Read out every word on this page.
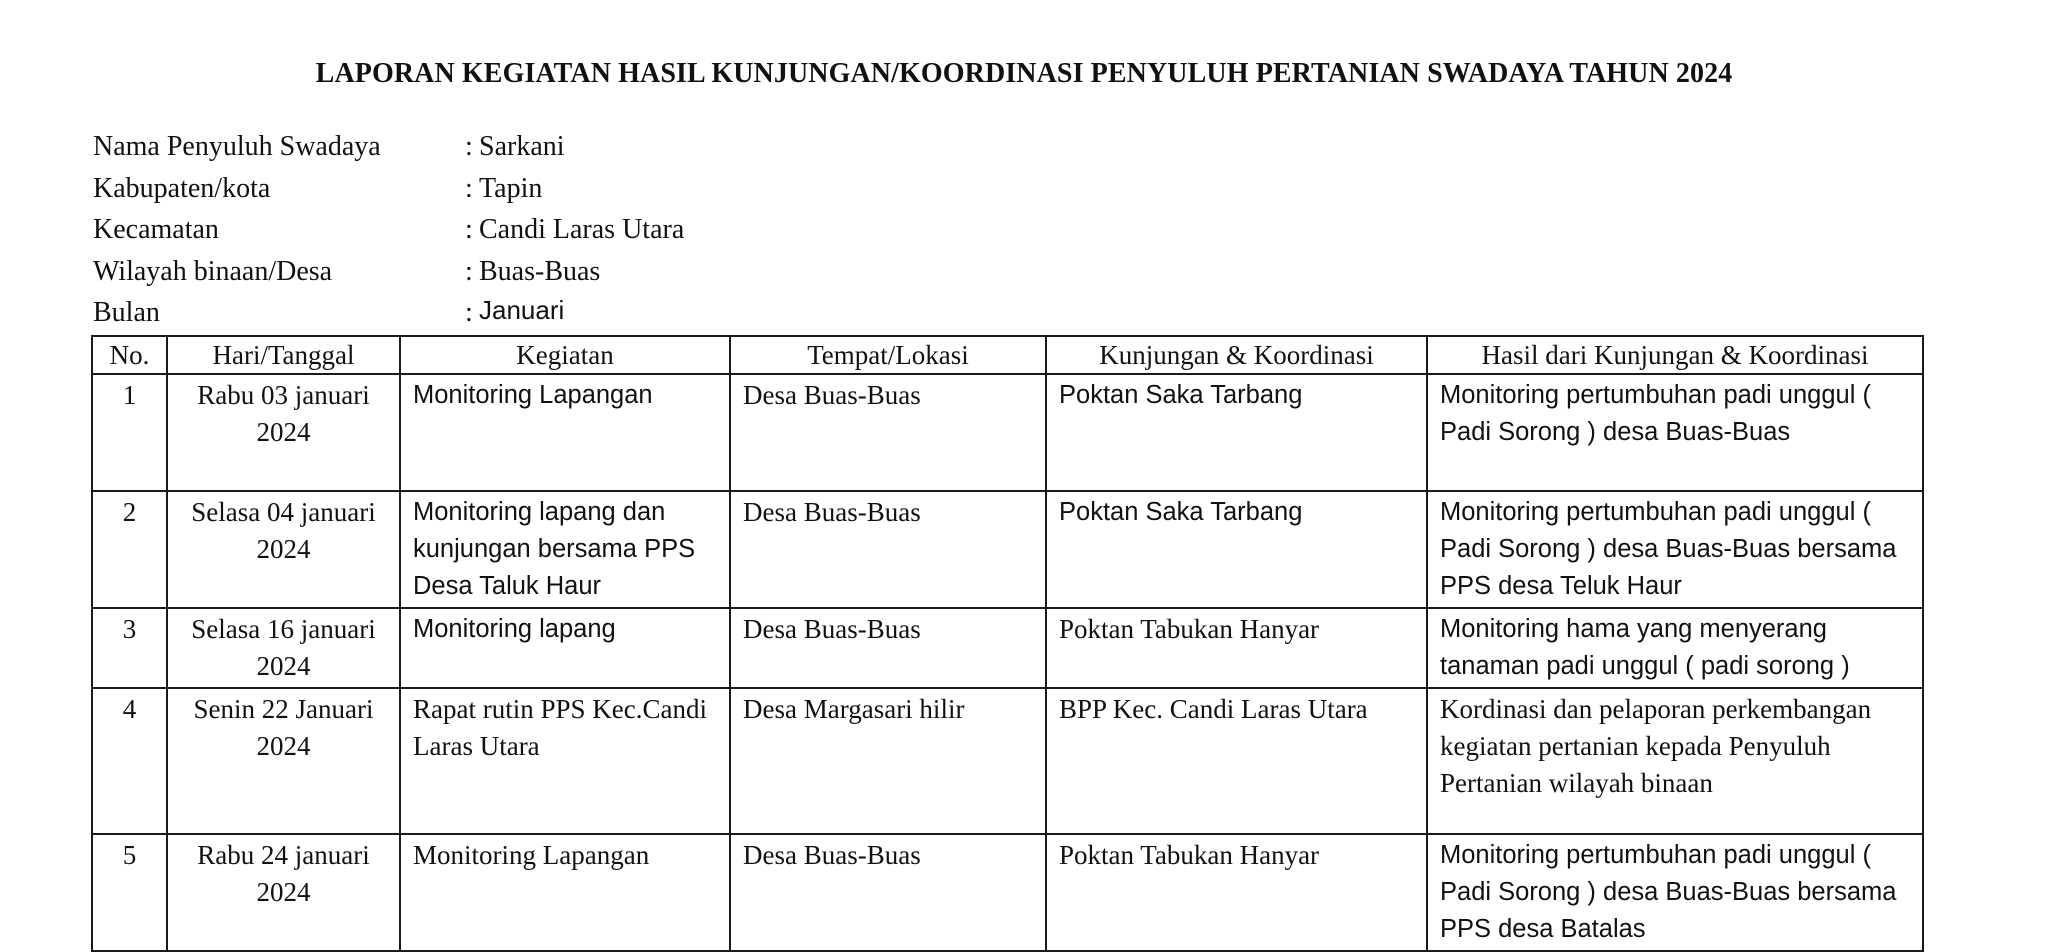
LAPORAN KEGIATAN HASIL KUNJUNGAN/KOORDINASI PENYULUH PERTANIAN SWADAYA TAHUN 2024
Nama Penyuluh Swadaya	: Sarkani
Kabupaten/kota	: Tapin
Kecamatan	: Candi Laras Utara
Wilayah binaan/Desa	: Buas-Buas
Bulan	: Januari
No.	Hari/Tanggal	Kegiatan	Tempat/Lokasi	Kunjungan & Koordinasi	Hasil dari Kunjungan & Koordinasi
1	Rabu 03 januari 2024	Monitoring Lapangan	Desa Buas-Buas	Poktan Saka Tarbang	Monitoring pertumbuhan padi unggul ( Padi Sorong ) desa Buas-Buas
2	Selasa 04 januari 2024	Monitoring lapang dan kunjungan bersama PPS Desa Taluk Haur	Desa Buas-Buas	Poktan Saka Tarbang	Monitoring pertumbuhan padi unggul ( Padi Sorong ) desa Buas-Buas bersama PPS desa Teluk Haur
3	Selasa 16 januari 2024	Monitoring lapang	Desa Buas-Buas	Poktan Tabukan Hanyar	Monitoring hama yang menyerang tanaman padi unggul ( padi sorong )
4	Senin 22 Januari 2024	Rapat rutin PPS Kec.Candi Laras Utara	Desa Margasari hilir	BPP Kec. Candi Laras Utara	Kordinasi dan pelaporan perkembangan kegiatan pertanian kepada Penyuluh Pertanian wilayah binaan
5	Rabu 24 januari 2024	Monitoring Lapangan	Desa Buas-Buas	Poktan Tabukan Hanyar	Monitoring pertumbuhan padi unggul ( Padi Sorong ) desa Buas-Buas bersama PPS desa Batalas
